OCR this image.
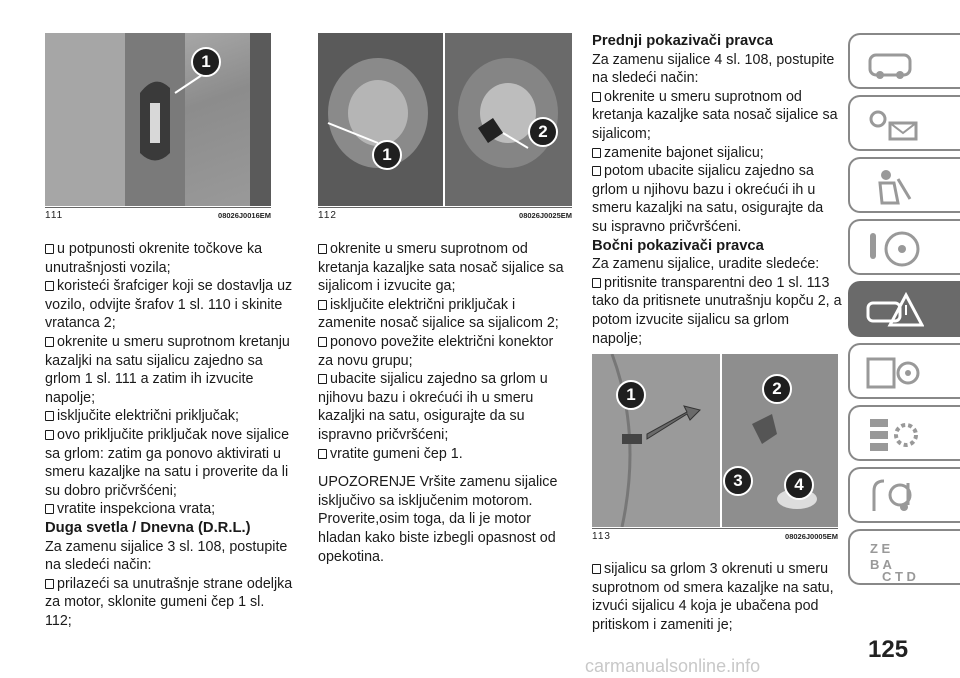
1
111	08026J0016EM
1
2
112	08026J0025EM
1	2
3	4
113	08026J0005EM

u potpunosti okrenite točkove ka unutrašnjosti vozila;

koristeći šrafciger koji se dostavlja uz vozilo, odvijte šrafov 1 sl. 110 i skinite vratanca 2;

okrenite u smeru suprotnom kretanju kazaljki na satu sijalicu zajedno sa grlom 1 sl. 111 a zatim ih izvucite napolje;

isključite električni priključak;

ovo priključite priključak nove sijalice sa grlom: zatim ga ponovo aktivirati u smeru kazaljke na satu i proverite da li su dobro pričvršćeni;

vratite inspekciona vrata;

Duga svetla / Dnevna (D.R.L.)

Za zamenu sijalice 3 sl. 108, postupite na sledeći način:

prilazeći sa unutrašnje strane odeljka za motor, sklonite gumeni čep 1 sl. 112;

okrenite u smeru suprotnom od kretanja kazaljke sata nosač sijalice sa sijalicom i izvucite ga;

isključite električni priključak i zamenite nosač sijalice sa sijalicom 2;

ponovo povežite električni konektor za novu grupu;

ubacite sijalicu zajedno sa grlom u njihovu bazu i okrećući ih u smeru kazaljki na satu, osigurajte da su ispravno pričvršćeni;

vratite gumeni čep 1.

UPOZORENJE Vršite zamenu sijalice isključivo sa isključenim motorom. Proverite,osim toga, da li je motor hladan kako biste izbegli opasnost od opekotina.

Prednji pokazivači pravca

Za zamenu sijalice 4 sl. 108, postupite na sledeći način:

okrenite u smeru suprotnom od kretanja kazaljke sata nosač sijalice sa sijalicom;

zamenite bajonet sijalicu;

potom ubacite sijalicu zajedno sa grlom u njihovu bazu i okrećući ih u smeru kazaljki na satu, osigurajte da su ispravno pričvršćeni.

Bočni pokazivači pravca

Za zamenu sijalice, uradite sledeće:

pritisnite transparentni deo 1 sl. 113 tako da pritisnete unutrašnju kopču 2, a potom izvucite sijalicu sa grlom napolje;

sijalicu sa grlom 3 okrenuti u smeru suprotnom od smera kazaljke na satu, izvući sijalicu 4 koja je ubačena pod pritiskom i zameniti je;

Z E
B A
C T D
125
carmanualsonline.info
